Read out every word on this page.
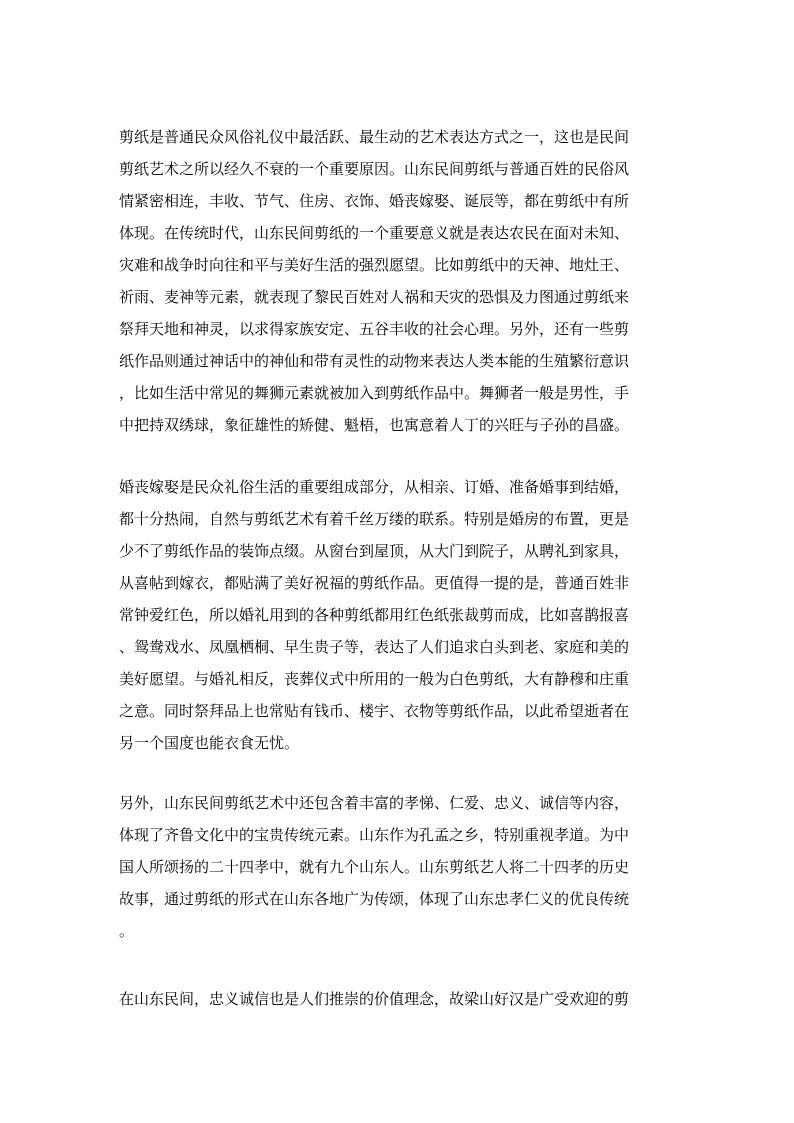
剪纸是普通民众风俗礼仪中最活跃、最生动的艺术表达方式之一，这也是民间
剪纸艺术之所以经久不衰的一个重要原因。山东民间剪纸与普通百姓的民俗风
情紧密相连，丰收、节气、住房、衣饰、婚丧嫁娶、诞辰等，都在剪纸中有所
体现。在传统时代，山东民间剪纸的一个重要意义就是表达农民在面对未知、
灾难和战争时向往和平与美好生活的强烈愿望。比如剪纸中的天神、地灶王、
祈雨、麦神等元素，就表现了黎民百姓对人祸和天灾的恐惧及力图通过剪纸来
祭拜天地和神灵，以求得家族安定、五谷丰收的社会心理。另外，还有一些剪
纸作品则通过神话中的神仙和带有灵性的动物来表达人类本能的生殖繁衍意识
，比如生活中常见的舞狮元素就被加入到剪纸作品中。舞狮者一般是男性，手
中把持双绣球，象征雄性的矫健、魁梧，也寓意着人丁的兴旺与子孙的昌盛。
婚丧嫁娶是民众礼俗生活的重要组成部分，从相亲、订婚、准备婚事到结婚，
都十分热闹，自然与剪纸艺术有着千丝万缕的联系。特别是婚房的布置，更是
少不了剪纸作品的装饰点缀。从窗台到屋顶，从大门到院子，从聘礼到家具，
从喜帖到嫁衣，都贴满了美好祝福的剪纸作品。更值得一提的是，普通百姓非
常钟爱红色，所以婚礼用到的各种剪纸都用红色纸张裁剪而成，比如喜鹊报喜
、鸳鸯戏水、凤凰栖桐、早生贵子等，表达了人们追求白头到老、家庭和美的
美好愿望。与婚礼相反，丧葬仪式中所用的一般为白色剪纸，大有静穆和庄重
之意。同时祭拜品上也常贴有钱币、楼宇、衣物等剪纸作品，以此希望逝者在
另一个国度也能衣食无忧。
另外，山东民间剪纸艺术中还包含着丰富的孝悌、仁爱、忠义、诚信等内容，
体现了齐鲁文化中的宝贵传统元素。山东作为孔孟之乡，特别重视孝道。为中
国人所颂扬的二十四孝中，就有九个山东人。山东剪纸艺人将二十四孝的历史
故事，通过剪纸的形式在山东各地广为传颂，体现了山东忠孝仁义的优良传统
。
在山东民间，忠义诚信也是人们推崇的价值理念，故梁山好汉是广受欢迎的剪
